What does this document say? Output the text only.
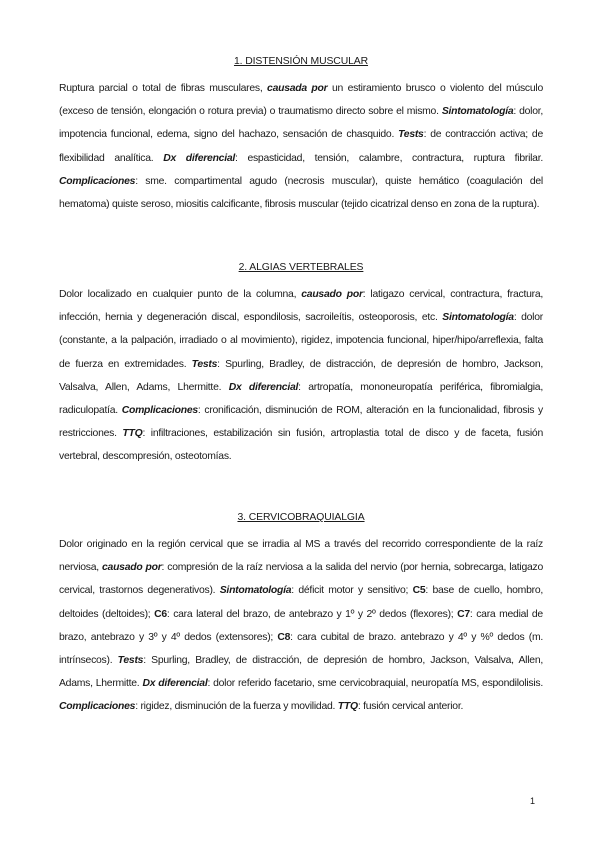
1. DISTENSIÓN MUSCULAR

Ruptura parcial o total de fibras musculares, causada por un estiramiento brusco o violento del músculo (exceso de tensión, elongación o rotura previa) o traumatismo directo sobre el mismo. Sintomatología: dolor, impotencia funcional, edema, signo del hachazo, sensación de chasquido. Tests: de contracción activa; de flexibilidad analítica. Dx diferencial: espasticidad, tensión, calambre, contractura, ruptura fibrilar. Complicaciones: sme. compartimental agudo (necrosis muscular), quiste hemático (coagulación del hematoma) quiste seroso, miositis calcificante, fibrosis muscular (tejido cicatrizal denso en zona de la ruptura).

2. ALGIAS VERTEBRALES

Dolor localizado en cualquier punto de la columna, causado por: latigazo cervical, contractura, fractura, infección, hernia y degeneración discal, espondilosis, sacroileítis, osteoporosis, etc. Sintomatología: dolor (constante, a la palpación, irradiado o al movimiento), rigidez, impotencia funcional, hiper/hipo/arreflexia, falta de fuerza en extremidades. Tests: Spurling, Bradley, de distracción, de depresión de hombro, Jackson, Valsalva, Allen, Adams, Lhermitte. Dx diferencial: artropatía, mononeuropatía periférica, fibromialgia, radiculopatía. Complicaciones: cronificación, disminución de ROM, alteración en la funcionalidad, fibrosis y restricciones. TTQ: infiltraciones, estabilización sin fusión, artroplastia total de disco y de faceta, fusión vertebral, descompresión, osteotomías.

3. CERVICOBRAQUIALGIA

Dolor originado en la región cervical que se irradia al MS a través del recorrido correspondiente de la raíz nerviosa, causado por: compresión de la raíz nerviosa a la salida del nervio (por hernia, sobrecarga, latigazo cervical, trastornos degenerativos). Sintomatología: déficit motor y sensitivo; C5: base de cuello, hombro, deltoides (deltoides); C6: cara lateral del brazo, de antebrazo y 1º y 2º dedos (flexores); C7: cara medial de brazo, antebrazo y 3º y 4º dedos (extensores); C8: cara cubital de brazo. antebrazo y 4º y %º dedos (m. intrínsecos). Tests: Spurling, Bradley, de distracción, de depresión de hombro, Jackson, Valsalva, Allen, Adams, Lhermitte. Dx diferencial: dolor referido facetario, sme cervicobraquial, neuropatía MS, espondilolisis. Complicaciones: rigidez, disminución de la fuerza y movilidad. TTQ: fusión cervical anterior.

1
